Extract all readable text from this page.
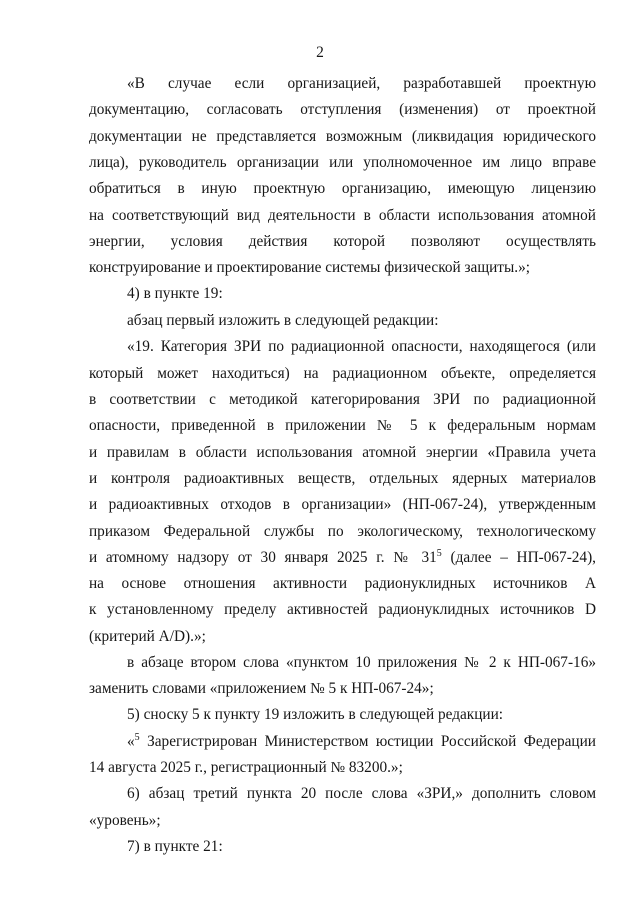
2
«В случае если организацией, разработавшей проектную
документацию, согласовать отступления (изменения) от проектной
документации не представляется возможным (ликвидация юридического
лица), руководитель организации или уполномоченное им лицо вправе
обратиться в иную проектную организацию, имеющую лицензию
на соответствующий вид деятельности в области использования атомной
энергии, условия действия которой позволяют осуществлять
конструирование и проектирование системы физической защиты.»;
4) в пункте 19:
абзац первый изложить в следующей редакции:
«19. Категория ЗРИ по радиационной опасности, находящегося (или
который может находиться) на радиационном объекте, определяется
в соответствии с методикой категорирования ЗРИ по радиационной
опасности, приведенной в приложении № 5 к федеральным нормам
и правилам в области использования атомной энергии «Правила учета
и контроля радиоактивных веществ, отдельных ядерных материалов
и радиоактивных отходов в организации» (НП-067-24), утвержденным
приказом Федеральной службы по экологическому, технологическому
и атомному надзору от 30 января 2025 г. № $31^5$ (далее – НП-067-24),
на основе отношения активности радионуклидных источников А
к установленному пределу активностей радионуклидных источников D
(критерий A/D).»;
в абзаце втором слова «пунктом 10 приложения № 2 к НП-067-16»
заменить словами «приложением № 5 к НП-067-24»;
5) сноску 5 к пункту 19 изложить в следующей редакции:
«$^5$ Зарегистрирован Министерством юстиции Российской Федерации
14 августа 2025 г., регистрационный № 83200.»;
6) абзац третий пункта 20 после слова «ЗРИ,» дополнить словом
«уровень»;
7) в пункте 21:
